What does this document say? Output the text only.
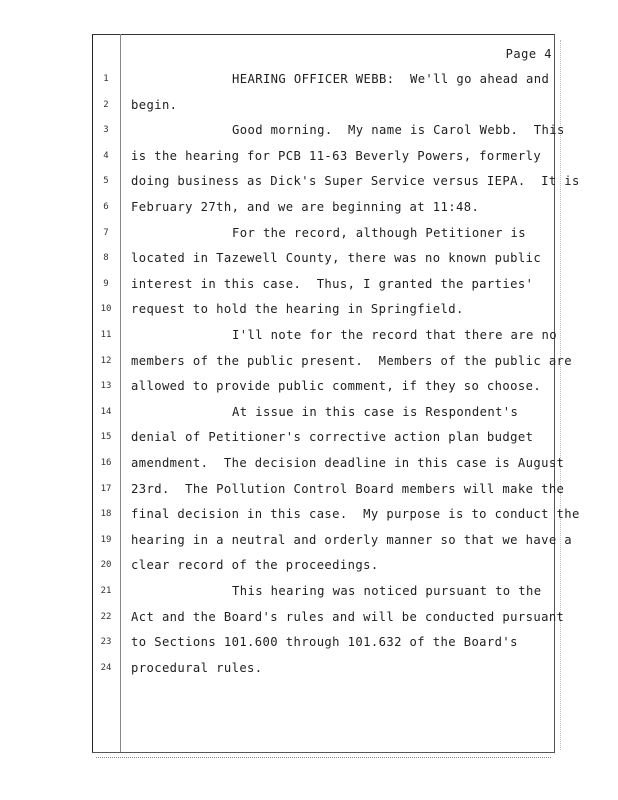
Page 4
1	HEARING OFFICER WEBB:  We'll go ahead and
2	begin.
3	Good morning.  My name is Carol Webb.  This
4	is the hearing for PCB 11-63 Beverly Powers, formerly
5	doing business as Dick's Super Service versus IEPA.  It is
6	February 27th, and we are beginning at 11:48.
7	For the record, although Petitioner is
8	located in Tazewell County, there was no known public
9	interest in this case.  Thus, I granted the parties'
10	request to hold the hearing in Springfield.
11	I'll note for the record that there are no
12	members of the public present.  Members of the public are
13	allowed to provide public comment, if they so choose.
14	At issue in this case is Respondent's
15	denial of Petitioner's corrective action plan budget
16	amendment.  The decision deadline in this case is August
17	23rd.  The Pollution Control Board members will make the
18	final decision in this case.  My purpose is to conduct the
19	hearing in a neutral and orderly manner so that we have a
20	clear record of the proceedings.
21	This hearing was noticed pursuant to the
22	Act and the Board's rules and will be conducted pursuant
23	to Sections 101.600 through 101.632 of the Board's
24	procedural rules.
